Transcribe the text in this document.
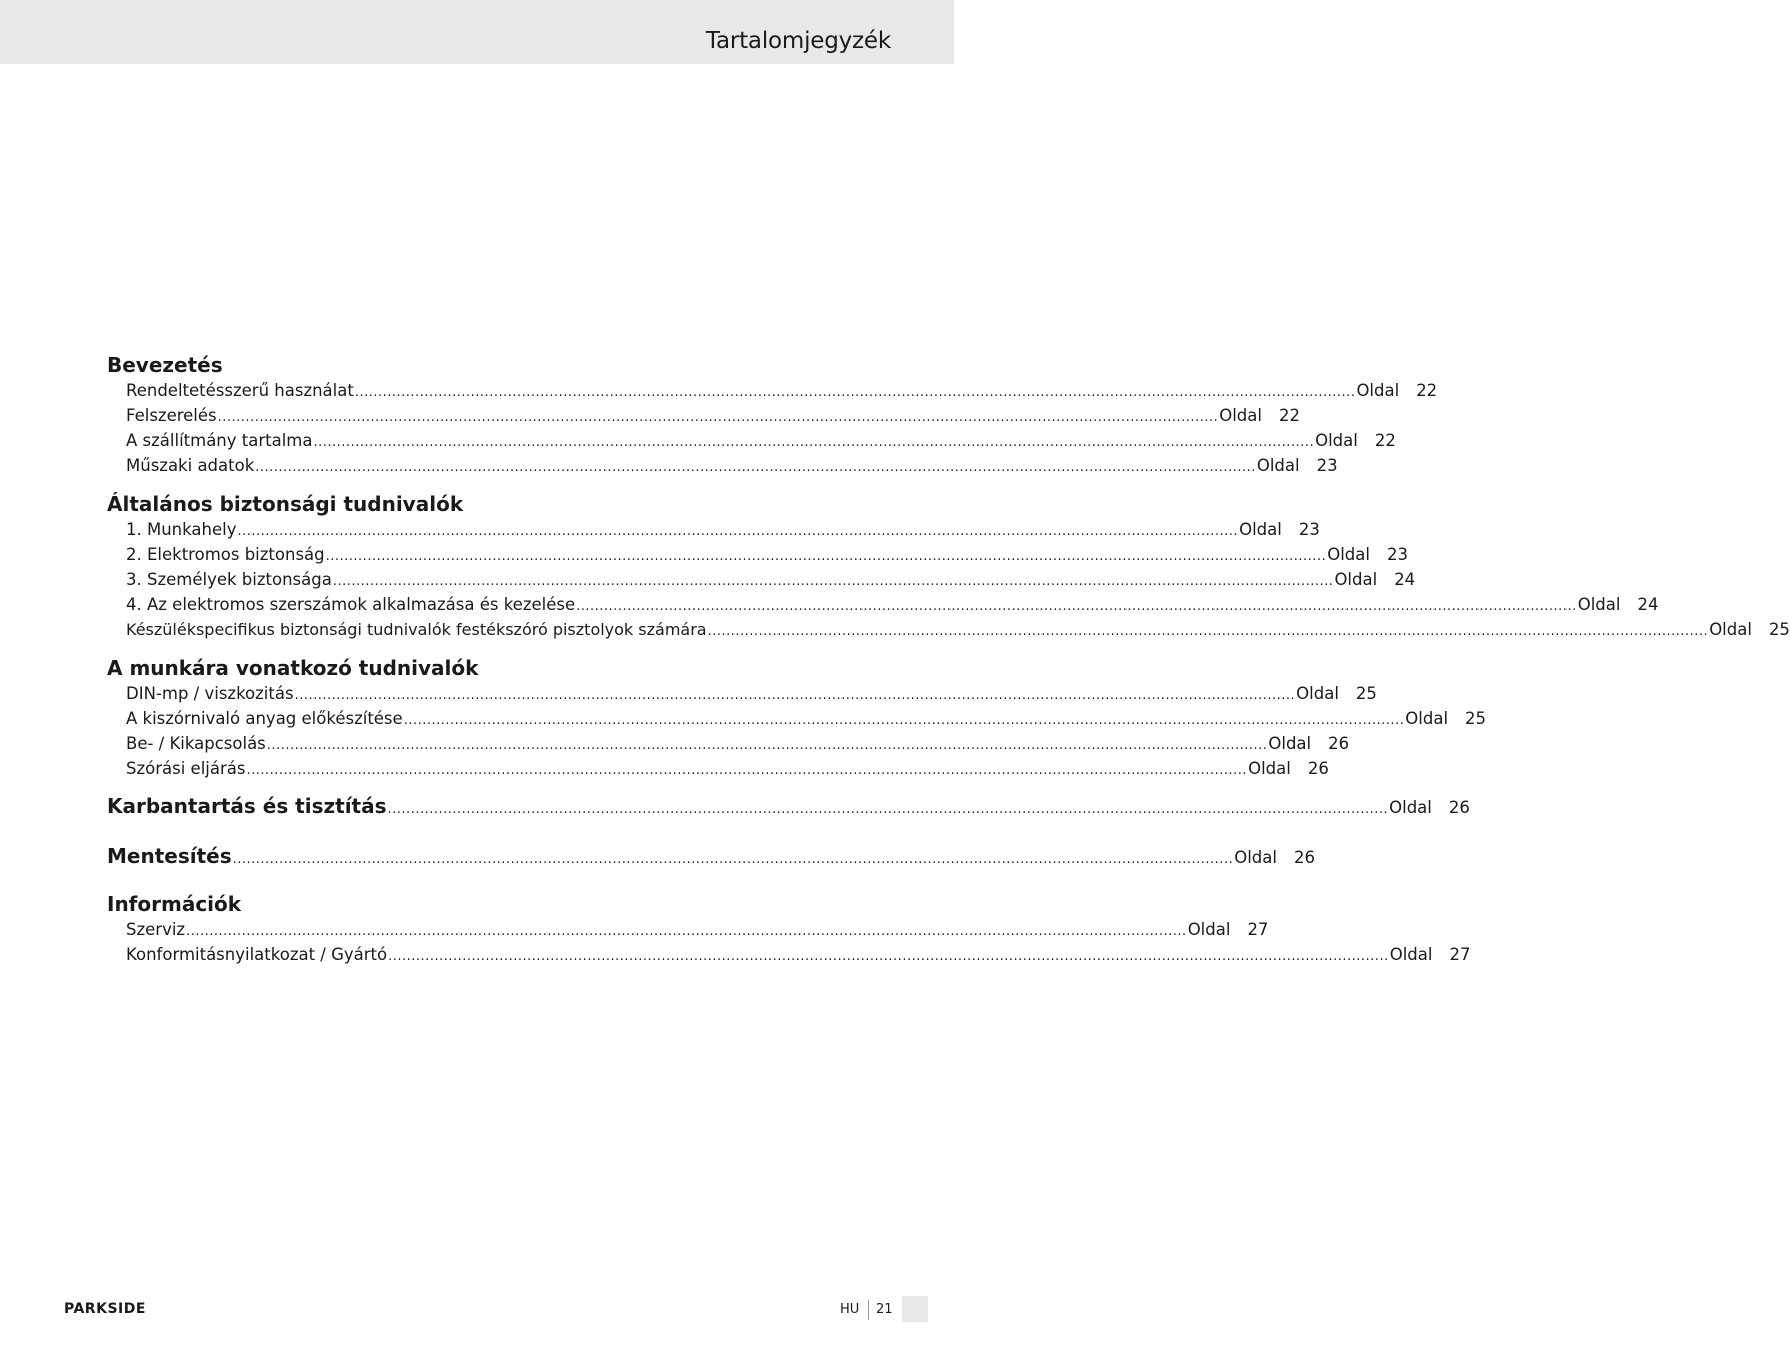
Tartalomjegyzék
Bevezetés
Rendeltetésszerű használat ........................................................................................................................................................................................................................ Oldal	22
Felszerelés ........................................................................................................................................................................................................................ Oldal	22
A szállítmány tartalma ........................................................................................................................................................................................................................ Oldal	22
Műszaki adatok ........................................................................................................................................................................................................................ Oldal	23
Általános biztonsági tudnivalók
1. Munkahely ........................................................................................................................................................................................................................ Oldal	23
2. Elektromos biztonság ........................................................................................................................................................................................................................ Oldal	23
3. Személyek biztonsága ........................................................................................................................................................................................................................ Oldal	24
4. Az elektromos szerszámok alkalmazása és kezelése ........................................................................................................................................................................................................................ Oldal	24
Készülékspecifikus biztonsági tudnivalók festékszóró pisztolyok számára ........................................................................................................................................................................................................................ Oldal	25
A munkára vonatkozó tudnivalók
DIN-mp / viszkozitás ........................................................................................................................................................................................................................ Oldal	25
A kiszórnivaló anyag előkészítése ........................................................................................................................................................................................................................ Oldal	25
Be- / Kikapcsolás ........................................................................................................................................................................................................................ Oldal	26
Szórási eljárás ........................................................................................................................................................................................................................ Oldal	26
Karbantartás és tisztítás ........................................................................................................................................................................................................................ Oldal	26
Mentesítés ........................................................................................................................................................................................................................ Oldal	26
Információk
Szerviz ........................................................................................................................................................................................................................ Oldal	27
Konformitásnyilatkozat / Gyártó ........................................................................................................................................................................................................................ Oldal	27
PARKSIDE	HU 21
